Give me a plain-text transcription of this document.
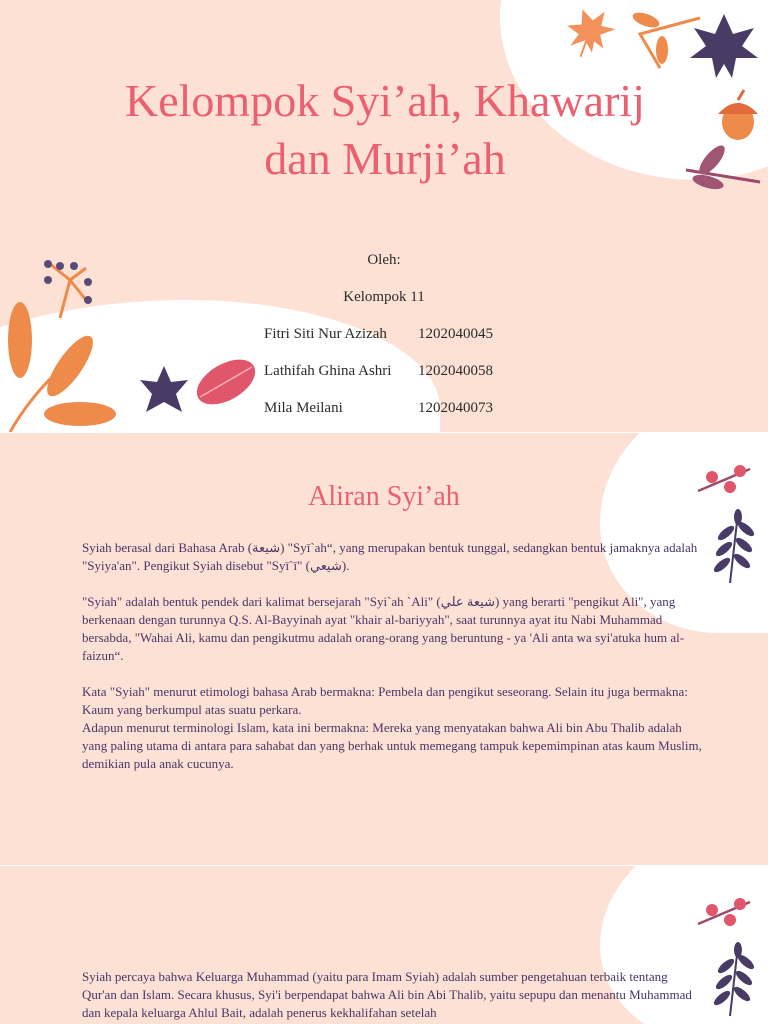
Kelompok Syi’ah, Khawarij dan Murji’ah
Oleh:
Kelompok 11
Fitri Siti Nur Azizah 1202040045
Lathifah Ghina Ashri 1202040058
Mila Meilani	1202040073
Aliran Syi’ah

Syiah berasal dari Bahasa Arab (شيعة) "Syī`ah“, yang merupakan bentuk tunggal, sedangkan bentuk jamaknya adalah "Syiya'an". Pengikut Syiah disebut "Syī`ī" (شيعي).

"Syiah" adalah bentuk pendek dari kalimat bersejarah "Syi`ah `Ali" (شيعة علي) yang berarti "pengikut Ali", yang berkenaan dengan turunnya Q.S. Al-Bayyinah ayat "khair al-bariyyah", saat turunnya ayat itu Nabi Muhammad bersabda, "Wahai Ali, kamu dan pengikutmu adalah orang-orang yang beruntung - ya 'Ali anta wa syi'atuka hum al-faizun“.

Kata "Syiah" menurut etimologi bahasa Arab bermakna: Pembela dan pengikut seseorang. Selain itu juga bermakna: Kaum yang berkumpul atas suatu perkara.

Adapun menurut terminologi Islam, kata ini bermakna: Mereka yang menyatakan bahwa Ali bin Abu Thalib adalah yang paling utama di antara para sahabat dan yang berhak untuk memegang tampuk kepemimpinan atas kaum Muslim, demikian pula anak cucunya.

Syiah percaya bahwa Keluarga Muhammad (yaitu para Imam Syiah) adalah sumber pengetahuan terbaik tentang Qur'an dan Islam. Secara khusus, Syi'i berpendapat bahwa Ali bin Abi Thalib, yaitu sepupu dan menantu Muhammad dan kepala keluarga Ahlul Bait, adalah penerus kekhalifahan setelah
